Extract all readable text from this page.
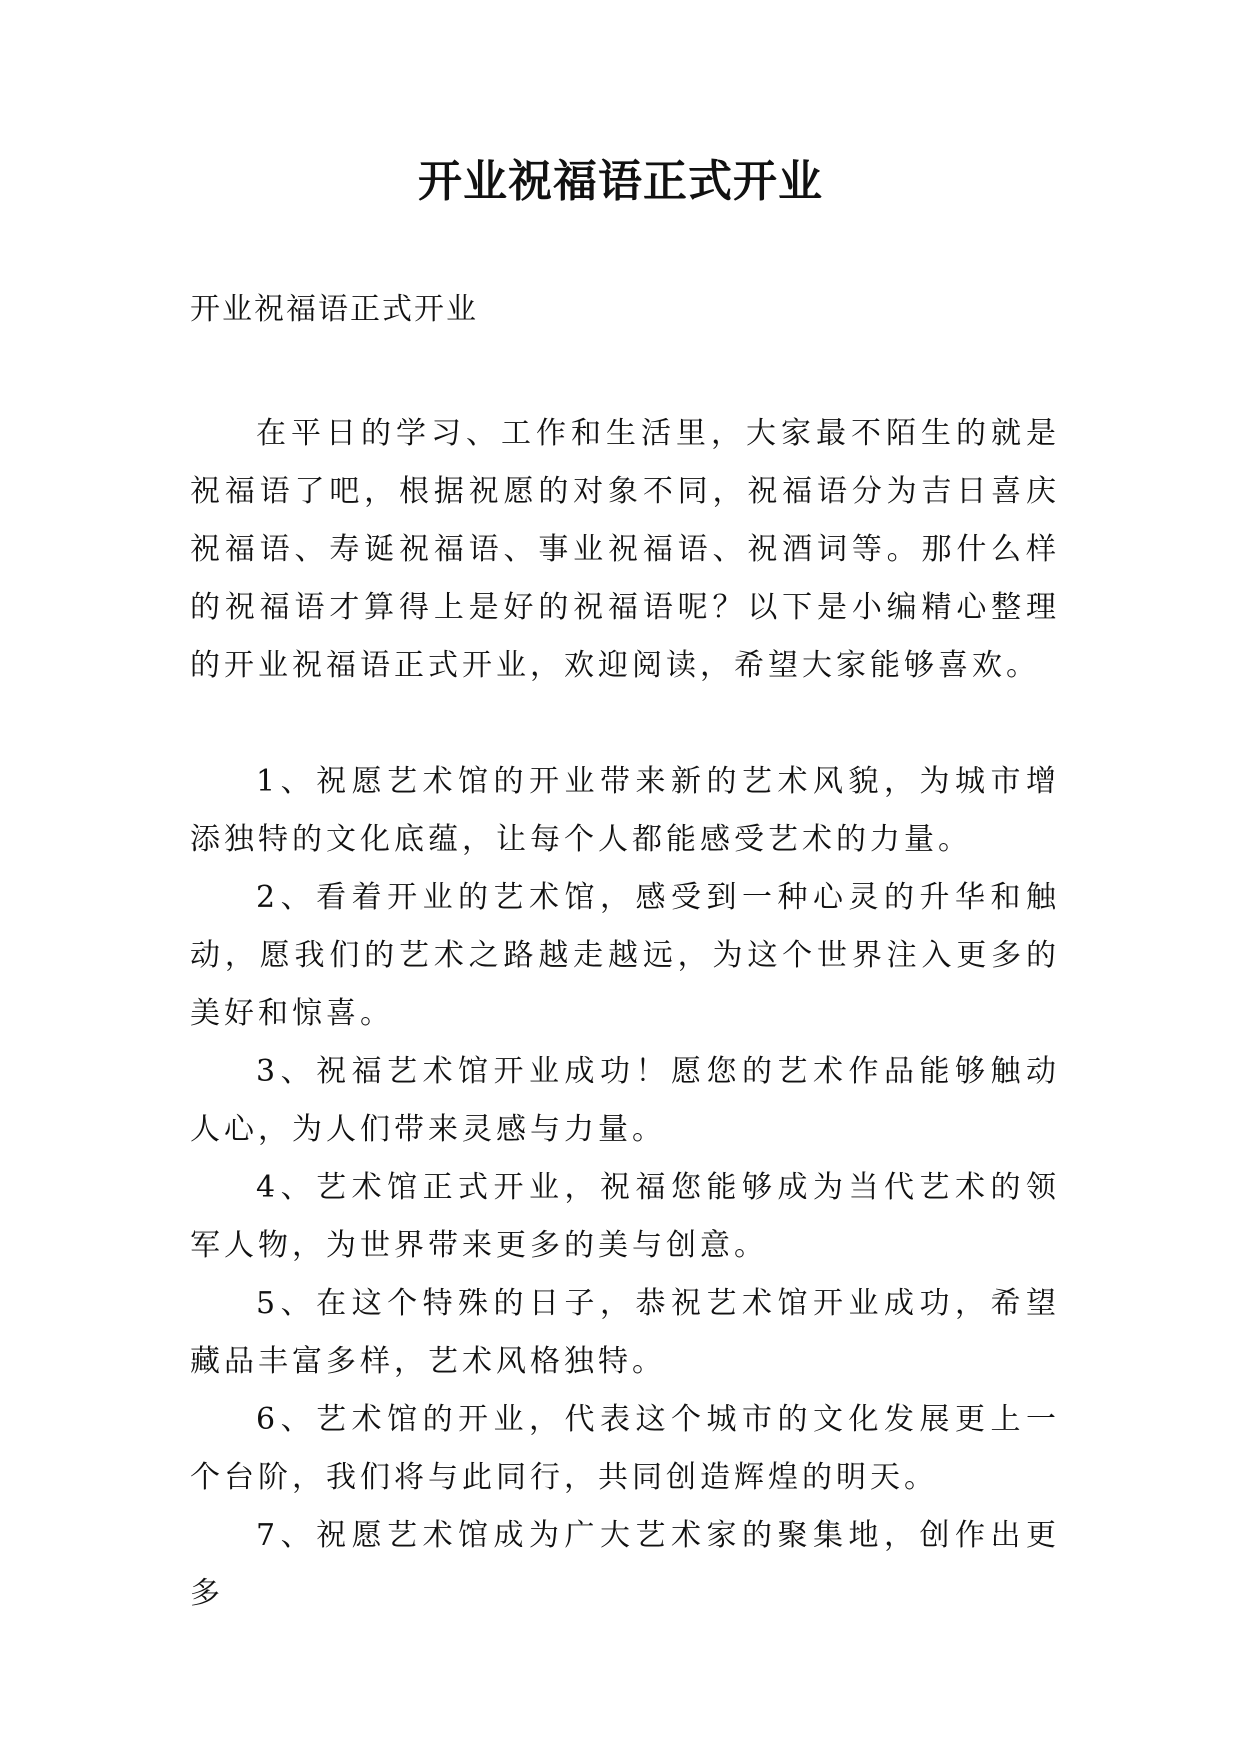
开业祝福语正式开业

开业祝福语正式开业

在平日的学习、工作和生活里，大家最不陌生的就是祝福语了吧，根据祝愿的对象不同，祝福语分为吉日喜庆祝福语、寿诞祝福语、事业祝福语、祝酒词等。那什么样的祝福语才算得上是好的祝福语呢？以下是小编精心整理的开业祝福语正式开业，欢迎阅读，希望大家能够喜欢。

1、祝愿艺术馆的开业带来新的艺术风貌，为城市增添独特的文化底蕴，让每个人都能感受艺术的力量。

2、看着开业的艺术馆，感受到一种心灵的升华和触动，愿我们的艺术之路越走越远，为这个世界注入更多的美好和惊喜。

3、祝福艺术馆开业成功！愿您的艺术作品能够触动人心，为人们带来灵感与力量。

4、艺术馆正式开业，祝福您能够成为当代艺术的领军人物，为世界带来更多的美与创意。

5、在这个特殊的日子，恭祝艺术馆开业成功，希望藏品丰富多样，艺术风格独特。

6、艺术馆的开业，代表这个城市的文化发展更上一个台阶，我们将与此同行，共同创造辉煌的明天。

7、祝愿艺术馆成为广大艺术家的聚集地，创作出更多
